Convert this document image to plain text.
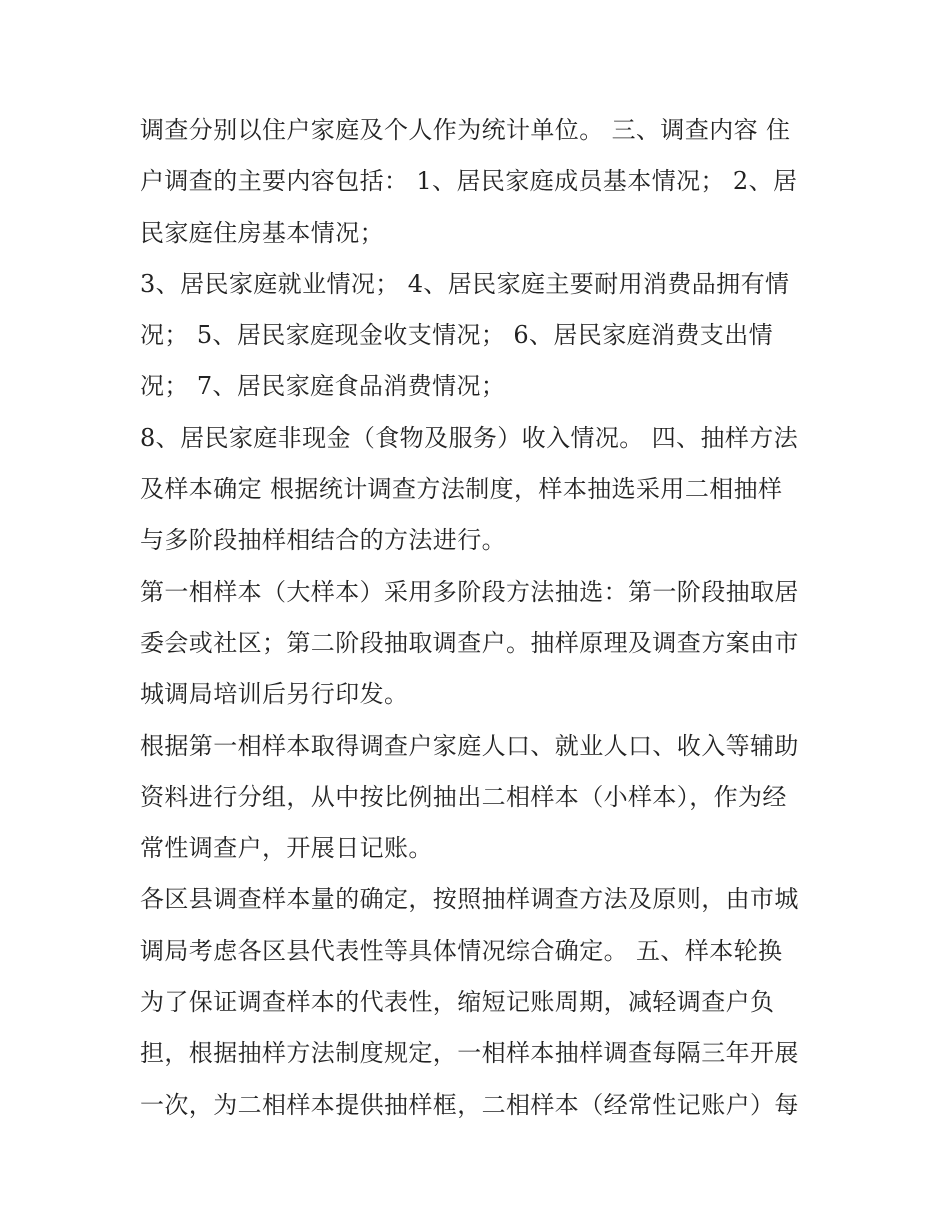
调查分别以住户家庭及个人作为统计单位。 三、调查内容 住
户调查的主要内容包括： 1、居民家庭成员基本情况； 2、居
民家庭住房基本情况；
3、居民家庭就业情况； 4、居民家庭主要耐用消费品拥有情
况； 5、居民家庭现金收支情况； 6、居民家庭消费支出情
况； 7、居民家庭食品消费情况；
8、居民家庭非现金（食物及服务）收入情况。 四、抽样方法
及样本确定 根据统计调查方法制度，样本抽选采用二相抽样
与多阶段抽样相结合的方法进行。
第一相样本（大样本）采用多阶段方法抽选：第一阶段抽取居
委会或社区；第二阶段抽取调查户。抽样原理及调查方案由市
城调局培训后另行印发。
根据第一相样本取得调查户家庭人口、就业人口、收入等辅助
资料进行分组，从中按比例抽出二相样本（小样本），作为经
常性调查户，开展日记账。
各区县调查样本量的确定，按照抽样调查方法及原则，由市城
调局考虑各区县代表性等具体情况综合确定。 五、样本轮换
为了保证调查样本的代表性，缩短记账周期，减轻调查户负
担，根据抽样方法制度规定，一相样本抽样调查每隔三年开展
一次，为二相样本提供抽样框，二相样本（经常性记账户）每
